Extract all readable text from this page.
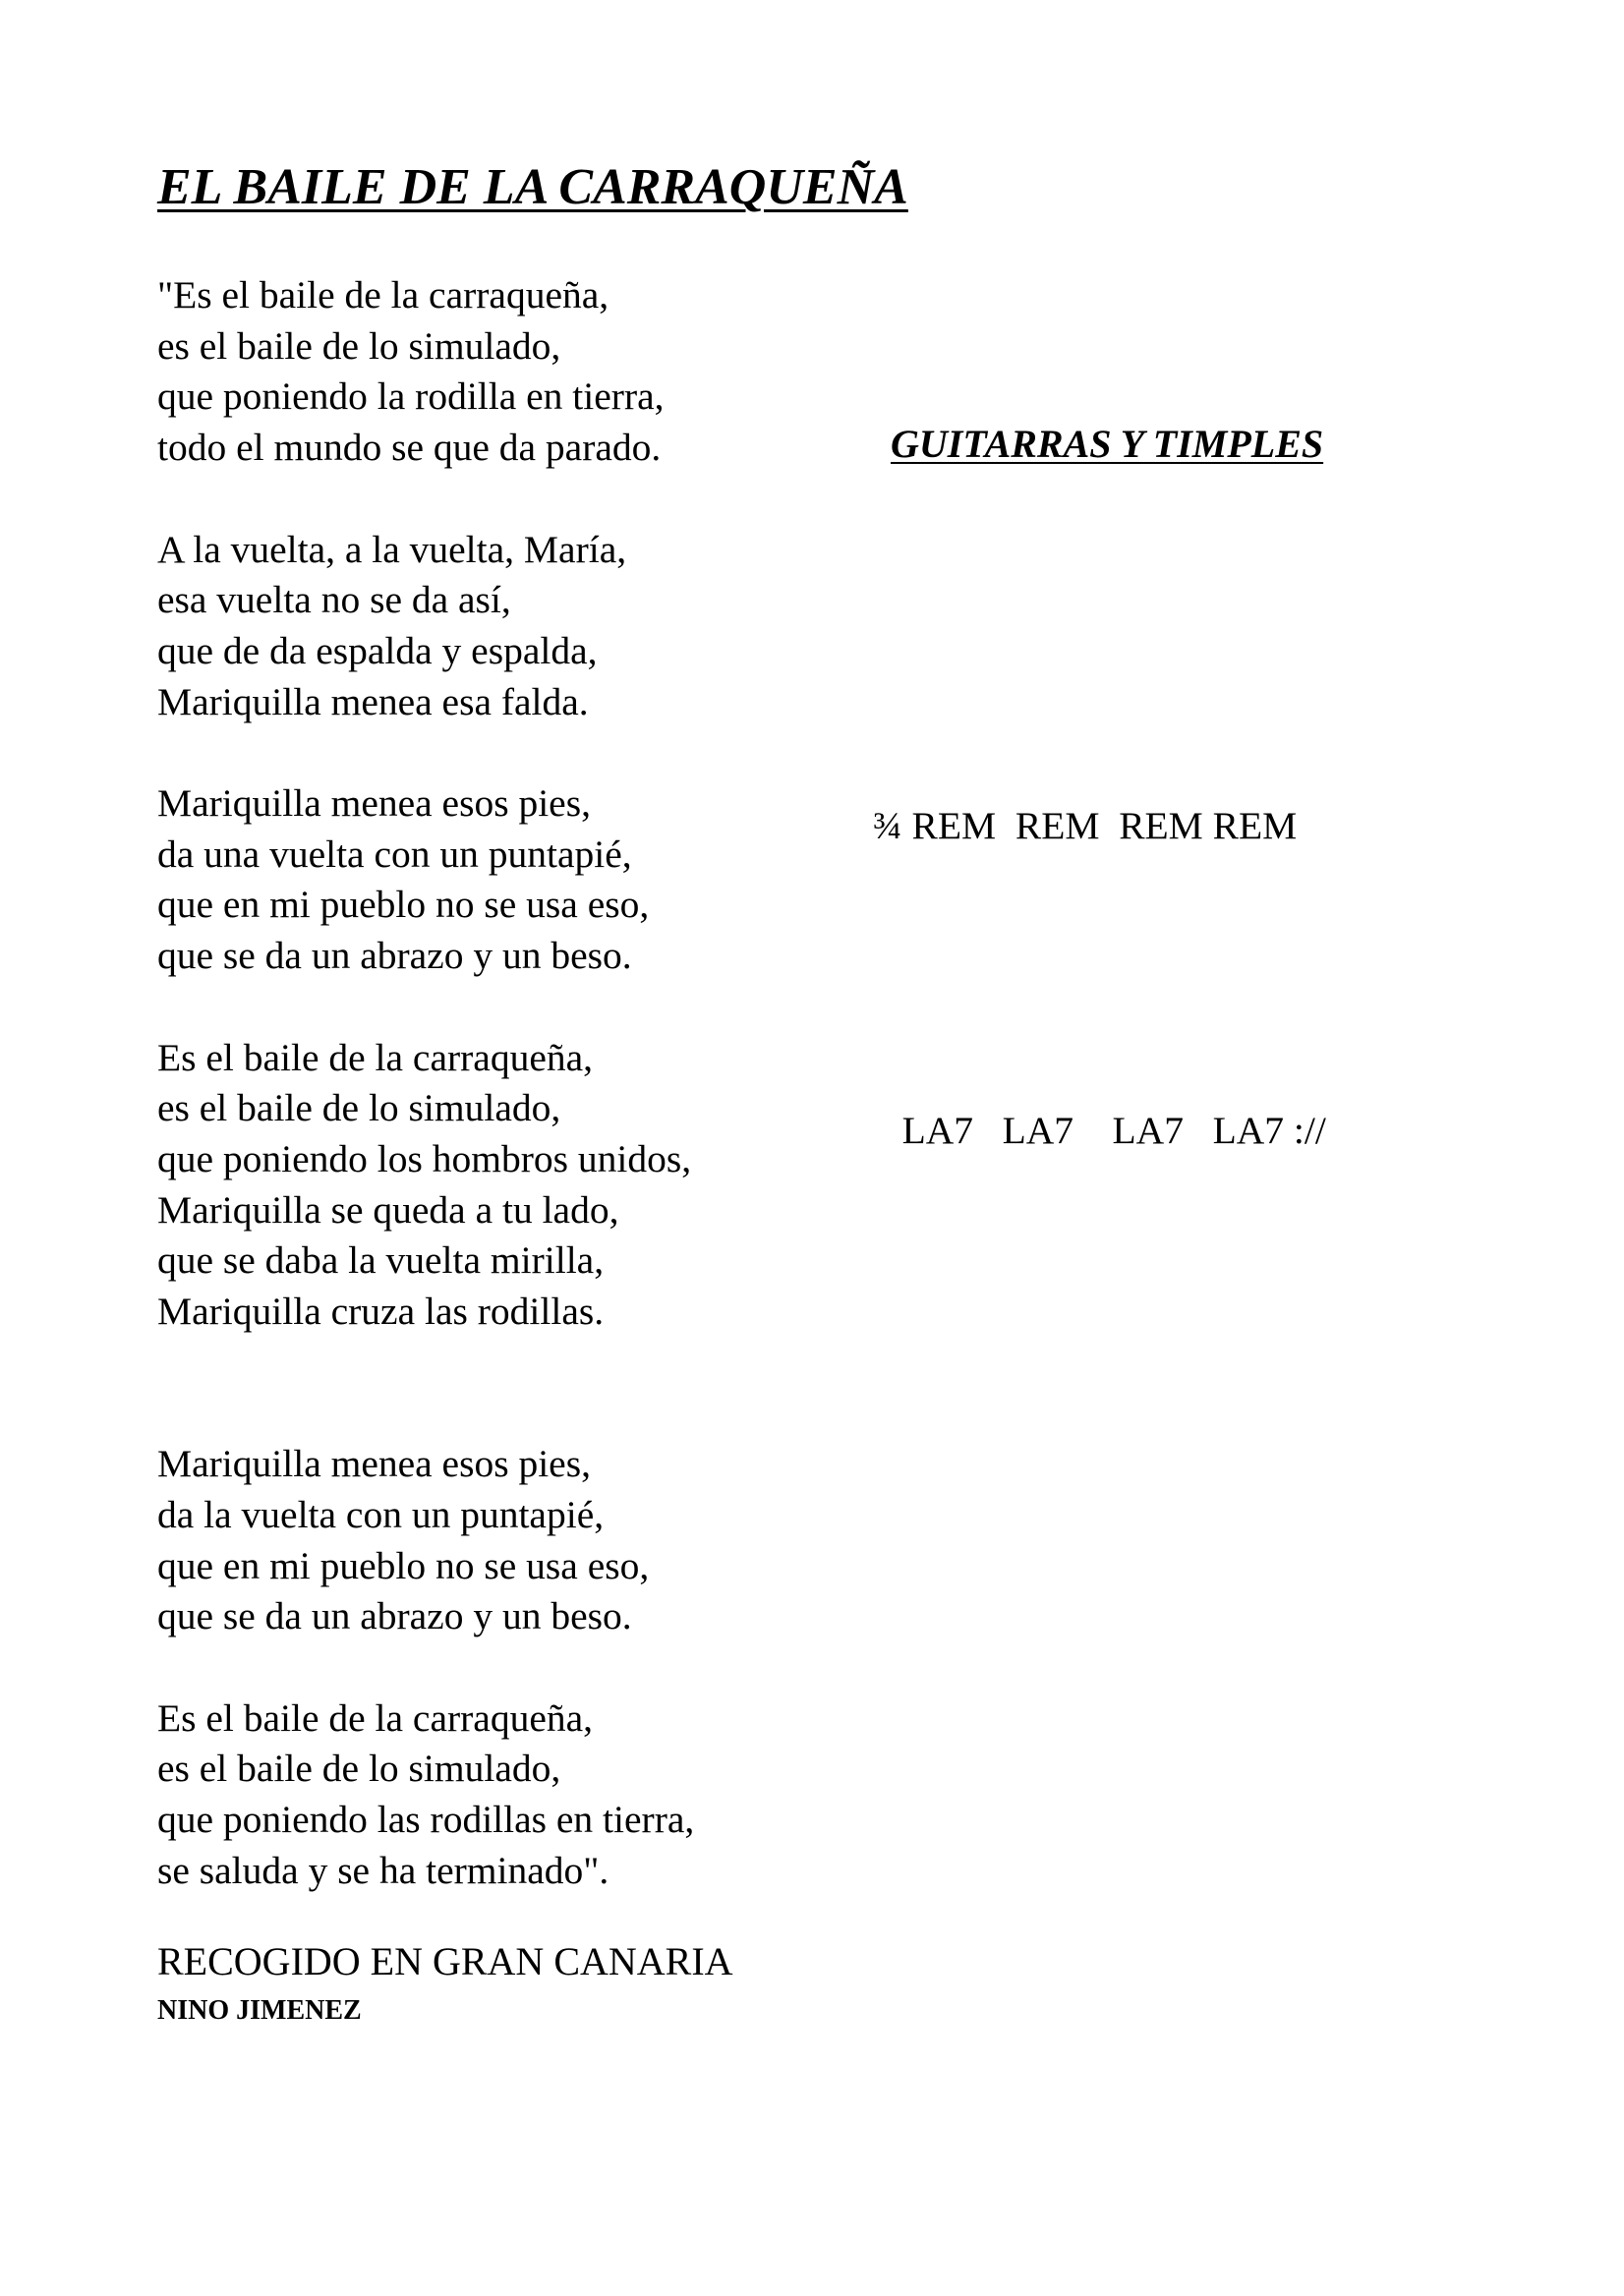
EL BAILE DE LA CARRAQUEÑA
"Es el baile de la carraqueña,
es el baile de lo simulado,
que poniendo la rodilla en tierra,
todo el mundo se que da parado.
A la vuelta, a la vuelta, María,
esa vuelta no se da así,
que de da espalda y espalda,
Mariquilla menea esa falda.
Mariquilla menea esos pies,
da una vuelta con un puntapié,
que en mi pueblo no se usa eso,
que se da un abrazo y un beso.
Es el baile de la carraqueña,
es el baile de lo simulado,
que poniendo los hombros unidos,
Mariquilla se queda a tu lado,
que se daba la vuelta mirilla,
Mariquilla cruza las rodillas.
Mariquilla menea esos pies,
da la vuelta con un puntapié,
que en mi pueblo no se usa eso,
que se da un abrazo y un beso.
Es el baile de la carraqueña,
es el baile de lo simulado,
que poniendo las rodillas en tierra,
se saluda y se ha terminado".
GUITARRAS Y TIMPLES

¾ REM  REM  REM REM

LA7   LA7    LA7   LA7 ://

RECOGIDO EN GRAN CANARIA
NINO JIMENEZ
